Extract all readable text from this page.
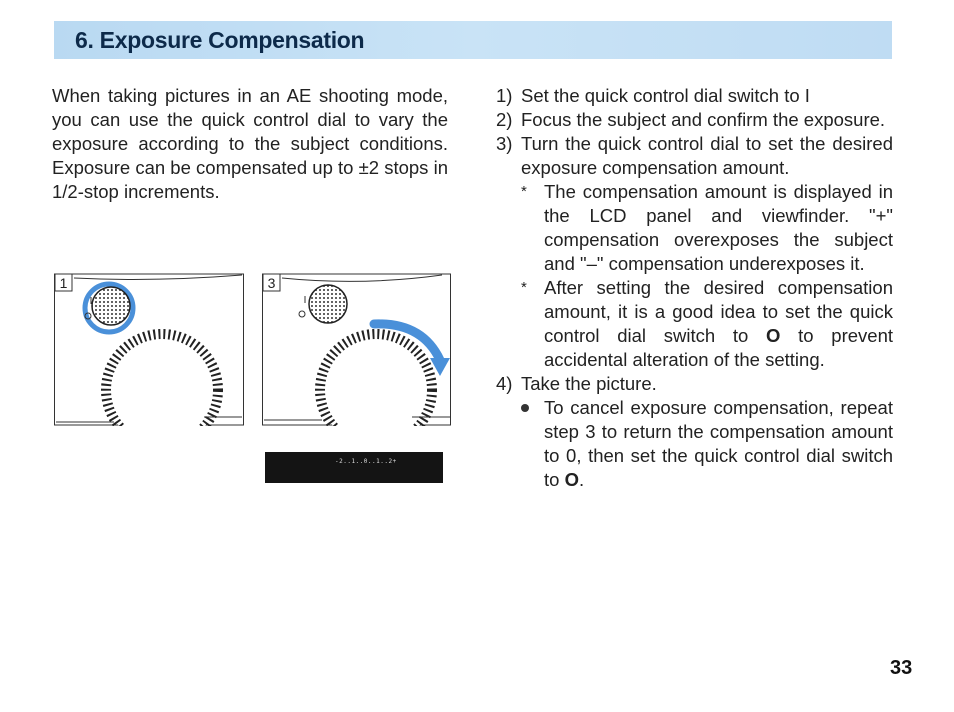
6. Exposure Compensation
When taking pictures in an AE shooting mode, you can use the quick control dial to vary the exposure according to the subject conditions. Exposure can be compensated up to ±2 stops in 1/2-stop increments.
1	3
-2..1..0..1..2+
1) Set the quick control dial switch to I
2) Focus the subject and confirm the exposure.
3) Turn the quick control dial to set the desired exposure compensation amount.
* The compensation amount is displayed in the LCD panel and viewfinder. "+" compensation overexposes the subject and "–" compensation underexposes it.
* After setting the desired compensation amount, it is a good idea to set the quick control dial switch to O to prevent accidental alteration of the setting.
4) Take the picture.
To cancel exposure compensation, repeat step 3 to return the compensation amount to 0, then set the quick control dial switch to O.
33
